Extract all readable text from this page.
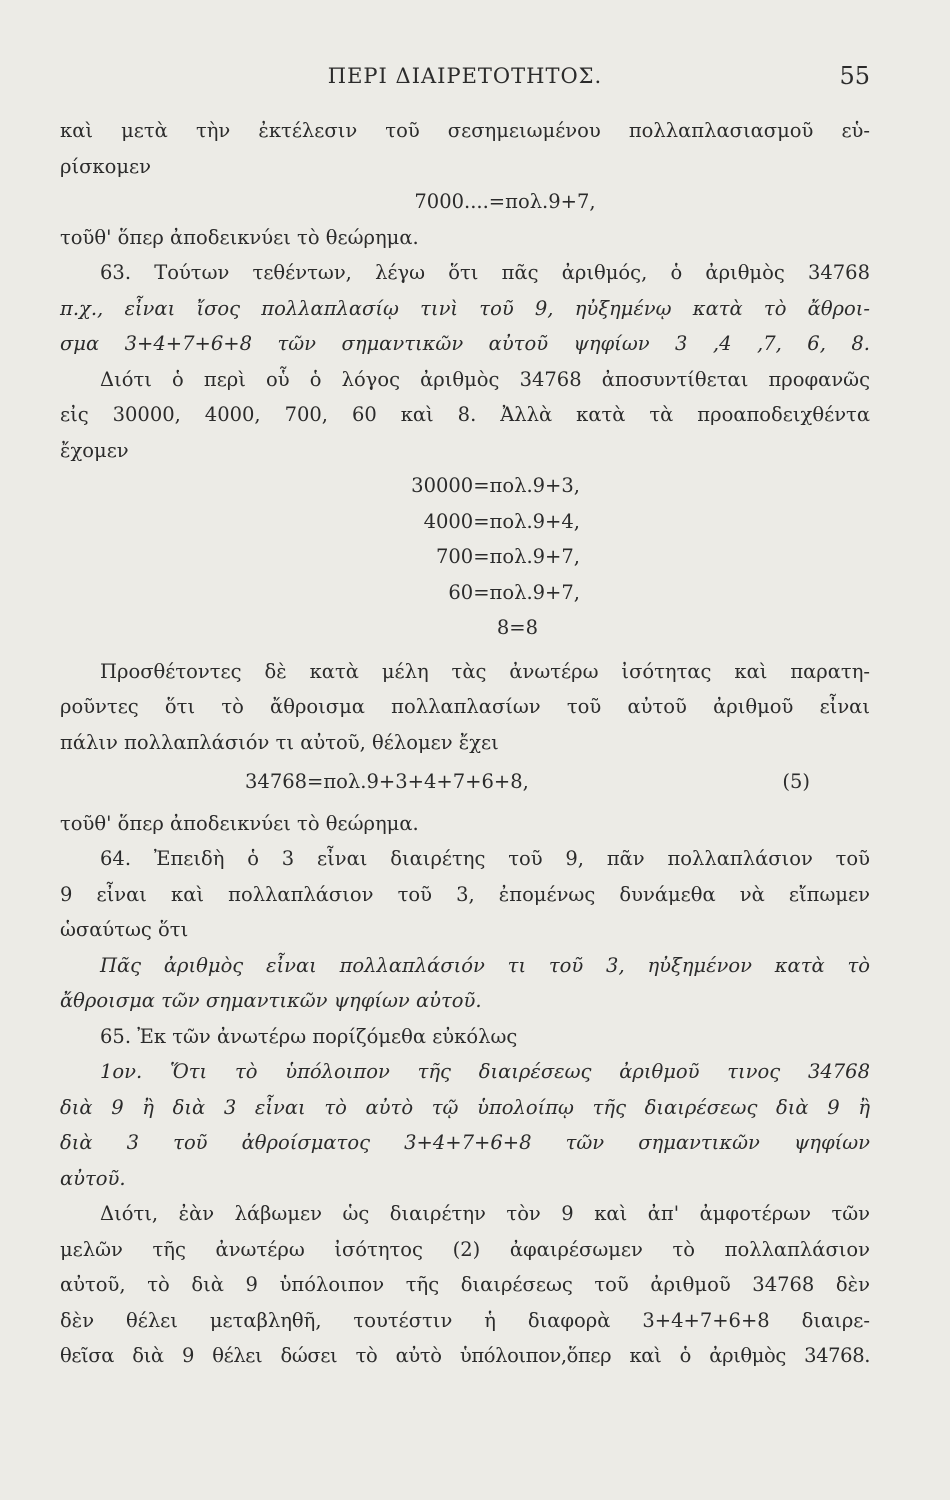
ΠΕΡΙ ΔΙΑΙΡΕΤΟΤΗΤΟΣ.	55
καὶ μετὰ τὴν ἐκτέλεσιν τοῦ σεσημειωμένου πολλαπλασιασμοῦ εὑ-
ρίσκομεν
7000....=πολ.9+7,
τοῦθ' ὅπερ ἀποδεικνύει τὸ θεώρημα.
63. Τούτων τεθέντων, λέγω ὅτι πᾶς ἀριθμός, ὁ ἀριθμὸς 34768
π.χ., εἶναι ἴσος πολλαπλασίῳ τινὶ τοῦ 9, ηὐξημένῳ κατὰ τὸ ἄθροι-
σμα 3+4+7+6+8 τῶν σημαντικῶν αὐτοῦ ψηφίων 3 ,4 ,7, 6, 8.
Διότι ὁ περὶ οὗ ὁ λόγος ἀριθμὸς 34768 ἀποσυντίθεται προφανῶς
εἰς 30000, 4000, 700, 60 καὶ 8. Ἀλλὰ κατὰ τὰ προαποδειχθέντα
ἔχομεν
30000=πολ.9+3,
4000=πολ.9+4,
700=πολ.9+7,
60=πολ.9+7,
8=8
Προσθέτοντες δὲ κατὰ μέλη τὰς ἀνωτέρω ἰσότητας καὶ παρατη-
ροῦντες ὅτι τὸ ἄθροισμα πολλαπλασίων τοῦ αὐτοῦ ἀριθμοῦ εἶναι
πάλιν πολλαπλάσιόν τι αὐτοῦ, θέλομεν ἔχει
34768=πολ.9+3+4+7+6+8,	(5)
τοῦθ' ὅπερ ἀποδεικνύει τὸ θεώρημα.
64. Ἐπειδὴ ὁ 3 εἶναι διαιρέτης τοῦ 9, πᾶν πολλαπλάσιον τοῦ
9 εἶναι καὶ πολλαπλάσιον τοῦ 3, ἐπομένως δυνάμεθα νὰ εἴπωμεν
ὡσαύτως ὅτι
Πᾶς ἀριθμὸς εἶναι πολλαπλάσιόν τι τοῦ 3, ηὐξημένον κατὰ τὸ
ἄθροισμα τῶν σημαντικῶν ψηφίων αὐτοῦ.
65. Ἐκ τῶν ἀνωτέρω πορίζόμεθα εὐκόλως
1ον. Ὅτι τὸ ὑπόλοιπον τῆς διαιρέσεως ἀριθμοῦ τινος 34768
διὰ 9 ἢ διὰ 3 εἶναι τὸ αὐτὸ τῷ ὑπολοίπῳ τῆς διαιρέσεως διὰ 9 ἢ
διὰ 3 τοῦ ἀθροίσματος 3+4+7+6+8 τῶν σημαντικῶν ψηφίων
αὐτοῦ.
Διότι, ἐὰν λάβωμεν ὡς διαιρέτην τὸν 9 καὶ ἀπ' ἀμφοτέρων τῶν
μελῶν τῆς ἀνωτέρω ἰσότητος (2) ἀφαιρέσωμεν τὸ πολλαπλάσιον
αὐτοῦ, τὸ διὰ 9 ὑπόλοιπον τῆς διαιρέσεως τοῦ ἀριθμοῦ 34768 δὲν
δὲν θέλει μεταβληθῆ, τουτέστιν ἡ διαφορὰ 3+4+7+6+8 διαιρε-
θεῖσα διὰ 9 θέλει δώσει τὸ αὐτὸ ὑπόλοιπον,ὅπερ καὶ ὁ ἀριθμὸς 34768.
